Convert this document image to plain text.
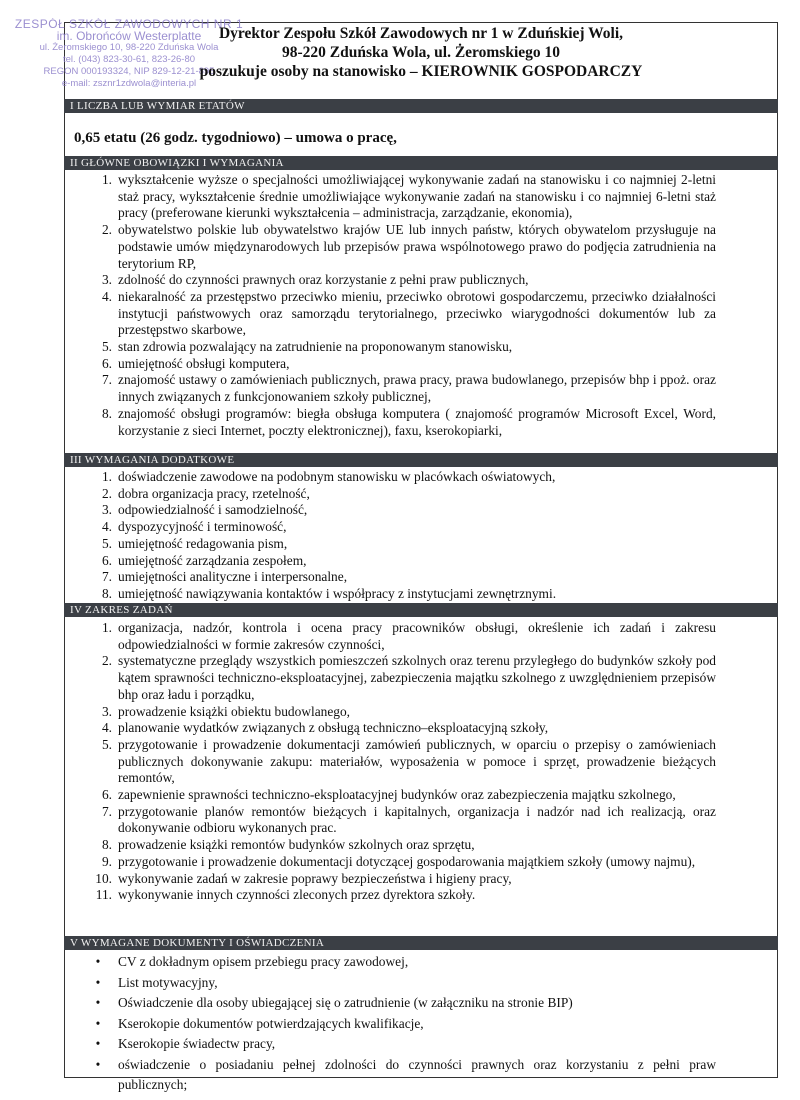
ZESPÓŁ SZKÓŁ ZAWODOWYCH NR 1
im. Obrońców Westerplatte
ul. Żeromskiego 10, 98-220 Zduńska Wola
tel. (043) 823-30-61, 823-26-80
REGON 000193324, NIP 829-12-21-895
e-mail: zsznr1zdwola@interia.pl
Dyrektor Zespołu Szkół Zawodowych nr 1 w Zduńskiej Woli,
98-220 Zduńska Wola, ul. Żeromskiego 10
poszukuje osoby na stanowisko – KIEROWNIK GOSPODARCZY
I LICZBA LUB WYMIAR ETATÓW
0,65 etatu (26 godz. tygodniowo) – umowa o pracę,
II GŁÓWNE OBOWIĄZKI I WYMAGANIA
1. wykształcenie wyższe o specjalności umożliwiającej wykonywanie zadań na stanowisku i co najmniej 2-letni staż pracy, wykształcenie średnie umożliwiające wykonywanie zadań na stanowisku i co najmniej 6-letni staż pracy (preferowane kierunki wykształcenia – administracja, zarządzanie, ekonomia),
2. obywatelstwo polskie lub obywatelstwo krajów UE lub innych państw, których obywatelom przysługuje na podstawie umów międzynarodowych lub przepisów prawa wspólnotowego prawo do podjęcia zatrudnienia na terytorium RP,
3. zdolność do czynności prawnych oraz korzystanie z pełni praw publicznych,
4. niekaralność za przestępstwo przeciwko mieniu, przeciwko obrotowi gospodarczemu, przeciwko działalności instytucji państwowych oraz samorządu terytorialnego, przeciwko wiarygodności dokumentów lub za przestępstwo skarbowe,
5. stan zdrowia pozwalający na zatrudnienie na proponowanym stanowisku,
6. umiejętność obsługi komputera,
7. znajomość ustawy o zamówieniach publicznych, prawa pracy, prawa budowlanego, przepisów bhp i ppoż. oraz innych związanych z funkcjonowaniem szkoły publicznej,
8. znajomość obsługi programów: biegła obsługa komputera ( znajomość programów Microsoft Excel, Word, korzystanie z sieci Internet, poczty elektronicznej), faxu, kserokopiarki,
III WYMAGANIA DODATKOWE
1. doświadczenie zawodowe na podobnym stanowisku w placówkach oświatowych,
2. dobra organizacja pracy, rzetelność,
3. odpowiedzialność i samodzielność,
4. dyspozycyjność i terminowość,
5. umiejętność redagowania pism,
6. umiejętność zarządzania zespołem,
7. umiejętności analityczne i interpersonalne,
8. umiejętność nawiązywania kontaktów i współpracy z instytucjami zewnętrznymi.
IV ZAKRES ZADAŃ
1. organizacja, nadzór, kontrola i ocena pracy pracowników obsługi, określenie ich zadań i zakresu odpowiedzialności w formie zakresów czynności,
2. systematyczne przeglądy wszystkich pomieszczeń szkolnych oraz terenu przyległego do budynków szkoły pod kątem sprawności techniczno-eksploatacyjnej, zabezpieczenia majątku szkolnego z uwzględnieniem przepisów bhp oraz ładu i porządku,
3. prowadzenie książki obiektu budowlanego,
4. planowanie wydatków związanych z obsługą techniczno–eksploatacyjną szkoły,
5. przygotowanie i prowadzenie dokumentacji zamówień publicznych, w oparciu o przepisy o zamówieniach publicznych dokonywanie zakupu: materiałów, wyposażenia w pomoce i sprzęt, prowadzenie bieżących remontów,
6. zapewnienie sprawności techniczno-eksploatacyjnej budynków oraz zabezpieczenia majątku szkolnego,
7. przygotowanie planów remontów bieżących i kapitalnych, organizacja i nadzór nad ich realizacją, oraz dokonywanie odbioru wykonanych prac.
8. prowadzenie książki remontów budynków szkolnych oraz sprzętu,
9. przygotowanie i prowadzenie dokumentacji dotyczącej gospodarowania majątkiem szkoły (umowy najmu),
10. wykonywanie zadań w zakresie poprawy bezpieczeństwa i higieny pracy,
11. wykonywanie innych czynności zleconych przez dyrektora szkoły.
V WYMAGANE DOKUMENTY I OŚWIADCZENIA
•	CV z dokładnym opisem przebiegu pracy zawodowej,
•	List motywacyjny,
•	Oświadczenie dla osoby ubiegającej się o zatrudnienie (w załączniku na stronie BIP)
•	Kserokopie dokumentów potwierdzających kwalifikacje,
•	Kserokopie świadectw pracy,
•	oświadczenie o posiadaniu pełnej zdolności do czynności prawnych oraz korzystaniu z pełni praw publicznych;
